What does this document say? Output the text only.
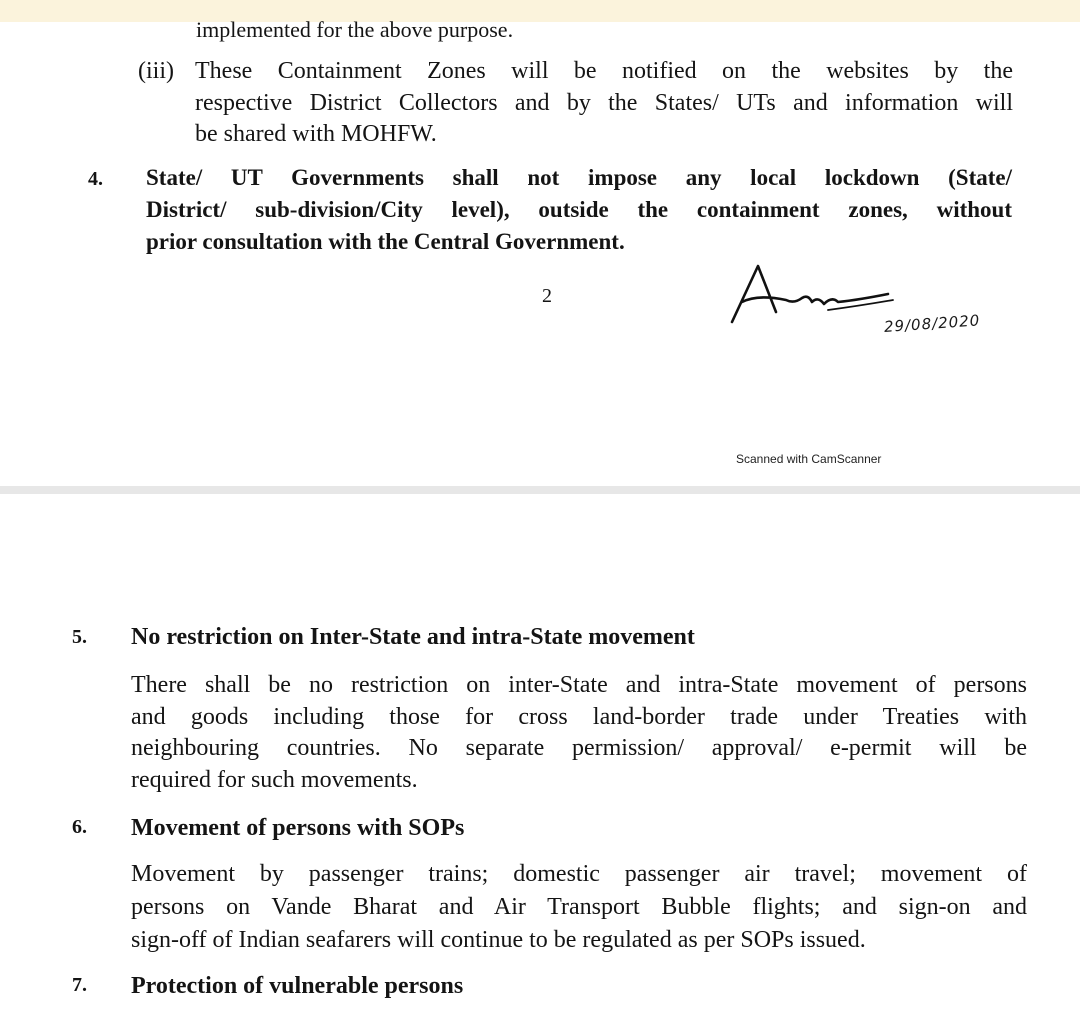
implemented for the above purpose.
(iii) These Containment Zones will be notified on the websites by the
respective District Collectors and by the States/ UTs and information will
be shared with MOHFW.
4. State/ UT Governments shall not impose any local lockdown (State/
District/ sub-division/City level), outside the containment zones, without
prior consultation with the Central Government.
2
29/08/2020
Scanned with CamScanner
5. No restriction on Inter-State and intra-State movement
There shall be no restriction on inter-State and intra-State movement of persons
and goods including those for cross land-border trade under Treaties with
neighbouring countries. No separate permission/ approval/ e-permit will be
required for such movements.
6. Movement of persons with SOPs
Movement by passenger trains; domestic passenger air travel; movement of
persons on Vande Bharat and Air Transport Bubble flights; and sign-on and
sign-off of Indian seafarers will continue to be regulated as per SOPs issued.
7. Protection of vulnerable persons
